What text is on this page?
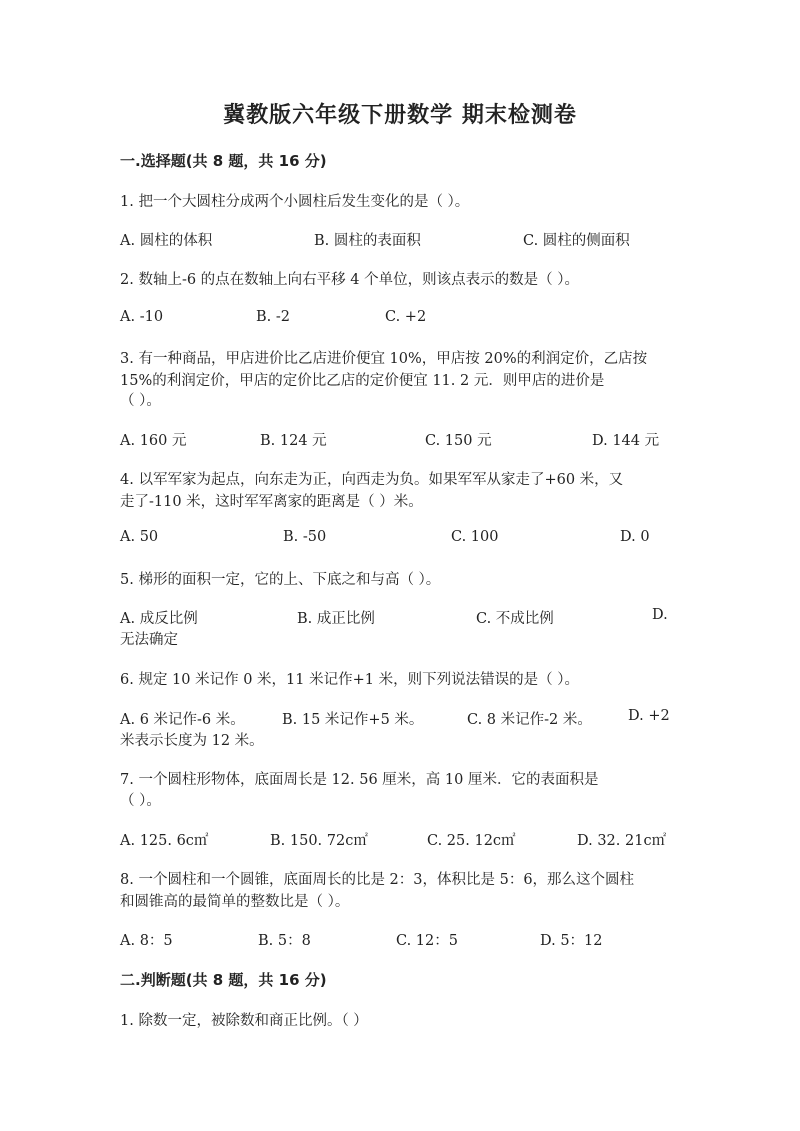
冀教版六年级下册数学 期末检测卷
一.选择题(共 8 题，共 16 分)
1. 把一个大圆柱分成两个小圆柱后发生变化的是（ ）。
A. 圆柱的体积	B. 圆柱的表面积	C. 圆柱的侧面积
2. 数轴上-6 的点在数轴上向右平移 4 个单位，则该点表示的数是（ ）。
A. -10	B. -2	C. +2
3. 有一种商品，甲店进价比乙店进价便宜 10%，甲店按 20%的利润定价，乙店按
15%的利润定价，甲店的定价比乙店的定价便宜 11. 2 元．则甲店的进价是
（ ）。
A. 160 元	B. 124 元	C. 150 元	D. 144 元
4. 以军军家为起点，向东走为正，向西走为负。如果军军从家走了+60 米，又
走了-110 米，这时军军离家的距离是（ ）米。
A. 50	B. -50	C. 100	D. 0
5. 梯形的面积一定，它的上、下底之和与高（ ）。
A. 成反比例	B. 成正比例	C. 不成比例	D.
无法确定
6. 规定 10 米记作 0 米，11 米记作+1 米，则下列说法错误的是（ ）。
A. 6 米记作-6 米。	B. 15 米记作+5 米。	C. 8 米记作-2 米。 D. +2
米表示长度为 12 米。
7. 一个圆柱形物体，底面周长是 12. 56 厘米，高 10 厘米．它的表面积是
（ ）。
A. 125. 6c㎡	B. 150. 72c㎡	C. 25. 12c㎡	D. 32. 21c㎡
8. 一个圆柱和一个圆锥，底面周长的比是 2：3，体积比是 5：6，那么这个圆柱
和圆锥高的最简单的整数比是（ ）。
A. 8：5	B. 5：8	C. 12：5	D. 5：12
二.判断题(共 8 题，共 16 分)
1. 除数一定，被除数和商正比例。（ ）
